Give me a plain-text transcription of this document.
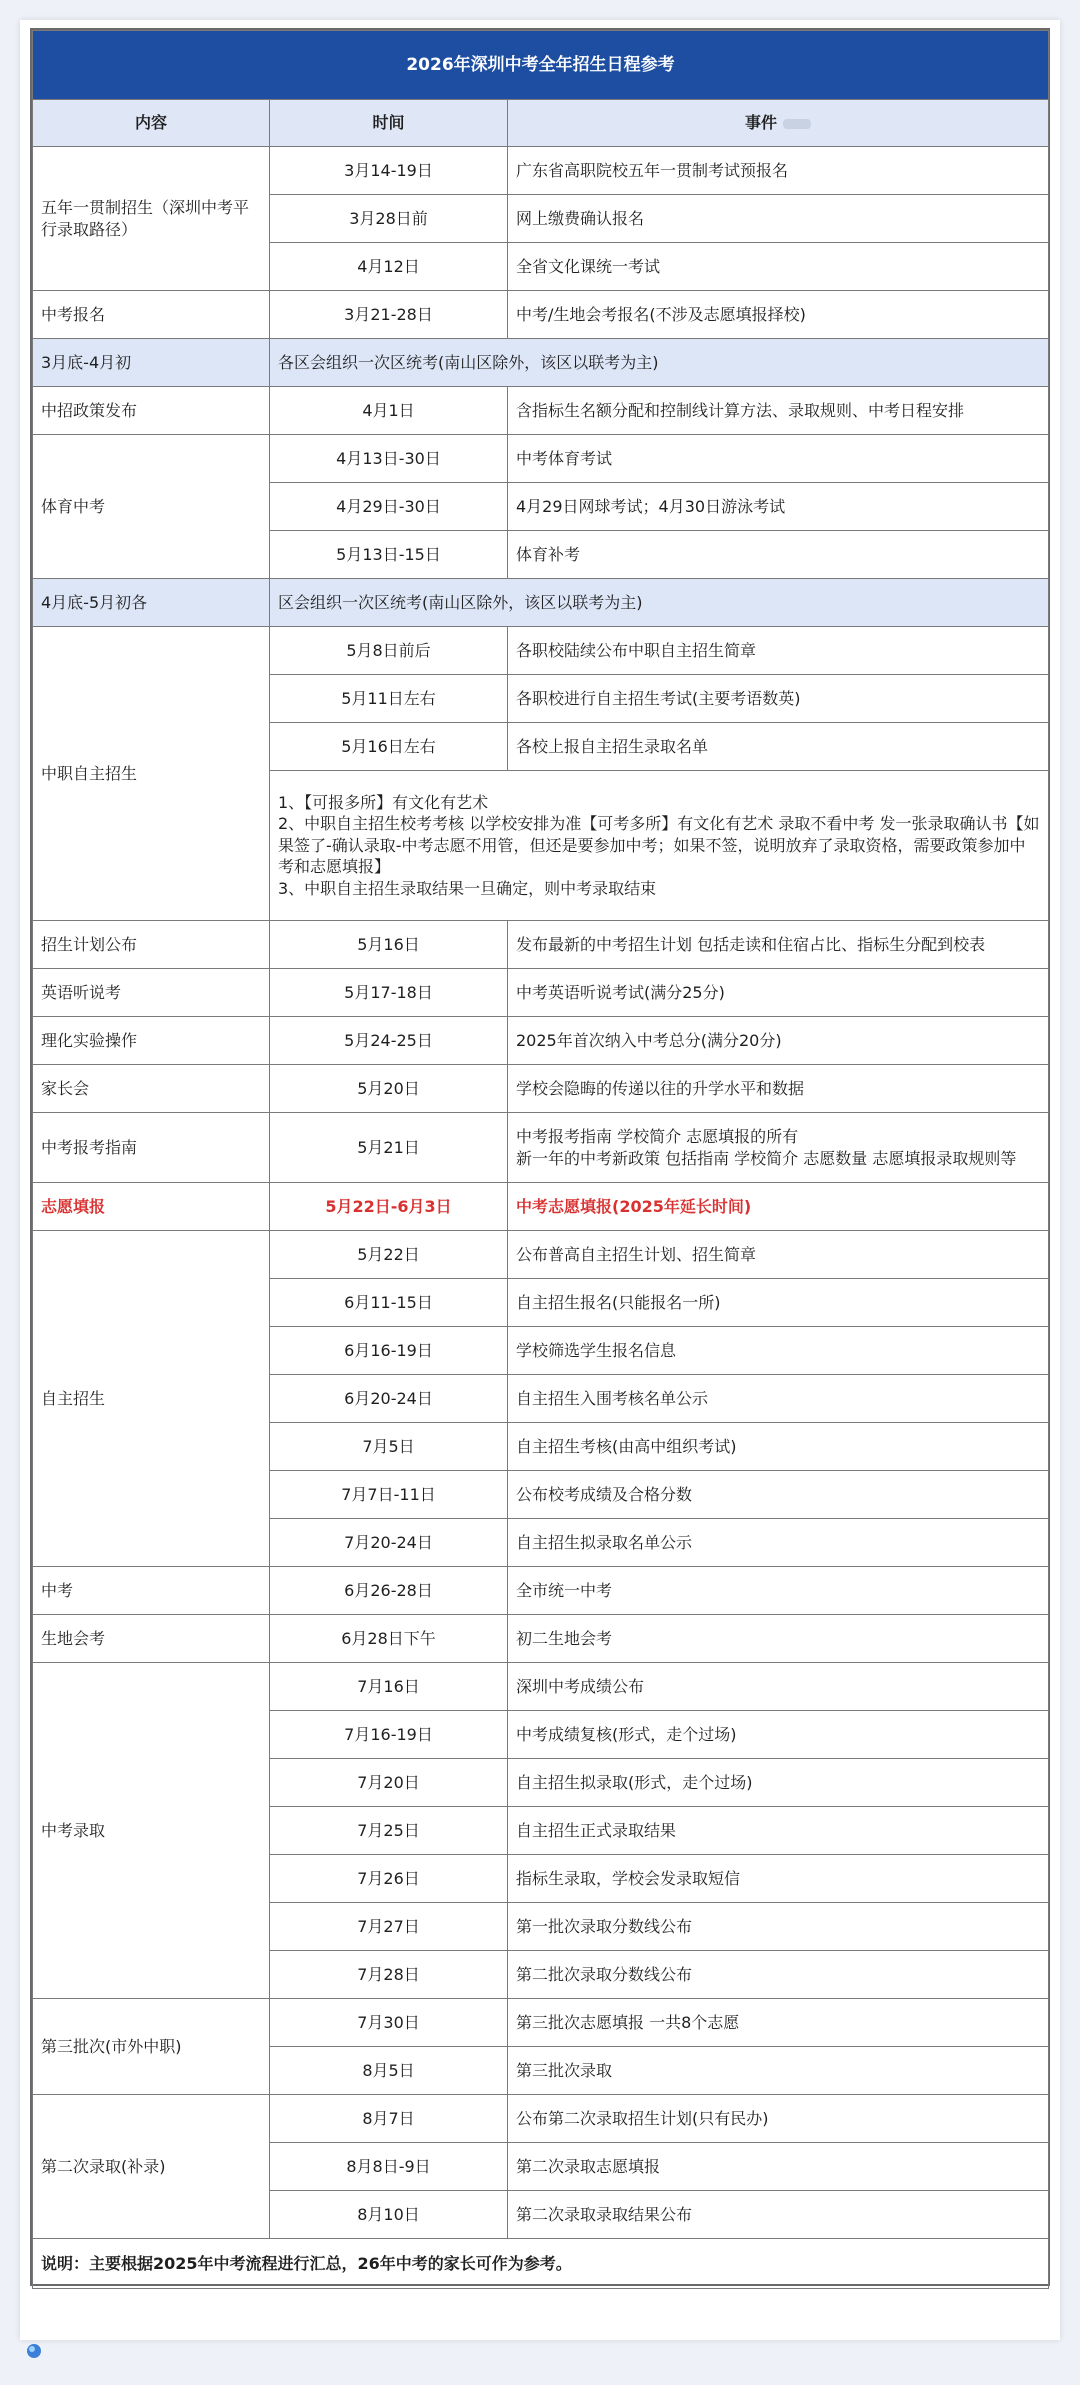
2026年深圳中考全年招生日程参考		
内容	时间	事件
五年一贯制招生（深圳中考平行录取路径）	3月14-19日	广东省高职院校五年一贯制考试预报名
	3月28日前	网上缴费确认报名
	4月12日	全省文化课统一考试
中考报名	3月21-28日	中考/生地会考报名(不涉及志愿填报择校)
3月底-4月初	各区会组织一次区统考(南山区除外，该区以联考为主)	
中招政策发布	4月1日	含指标生名额分配和控制线计算方法、录取规则、中考日程安排
体育中考	4月13日-30日	中考体育考试
	4月29日-30日	4月29日网球考试；4月30日游泳考试
	5月13日-15日	体育补考
4月底-5月初各	区会组织一次区统考(南山区除外，该区以联考为主)	
中职自主招生	5月8日前后	各职校陆续公布中职自主招生简章
	5月11日左右	各职校进行自主招生考试(主要考语数英)
	5月16日左右	各校上报自主招生录取名单

	1、【可报多所】有文化有艺术
2、中职自主招生校考考核 以学校安排为准【可考多所】有文化有艺术 录取不看中考 发一张录取确认书【如果签了-确认录取-中考志愿不用管，但还是要参加中考；如果不签，说明放弃了录取资格，需要政策参加中考和志愿填报】
3、中职自主招生录取结果一旦确定，则中考录取结束	

招生计划公布	5月16日	发布最新的中考招生计划 包括走读和住宿占比、指标生分配到校表
英语听说考	5月17-18日	中考英语听说考试(满分25分)
理化实验操作	5月24-25日	2025年首次纳入中考总分(满分20分)
家长会	5月20日	学校会隐晦的传递以往的升学水平和数据
中考报考指南	5月21日	中考报考指南 学校简介 志愿填报的所有
新一年的中考新政策 包括指南 学校简介 志愿数量 志愿填报录取规则等

志愿填报	5月22日-6月3日	中考志愿填报(2025年延长时间)
自主招生	5月22日	公布普高自主招生计划、招生简章
	6月11-15日	自主招生报名(只能报名一所)
	6月16-19日	学校筛选学生报名信息
	6月20-24日	自主招生入围考核名单公示
	7月5日	自主招生考核(由高中组织考试)
	7月7日-11日	公布校考成绩及合格分数
	7月20-24日	自主招生拟录取名单公示
中考	6月26-28日	全市统一中考
生地会考	6月28日下午	初二生地会考
中考录取	7月16日	深圳中考成绩公布
	7月16-19日	中考成绩复核(形式，走个过场)
	7月20日	自主招生拟录取(形式，走个过场)
	7月25日	自主招生正式录取结果
	7月26日	指标生录取，学校会发录取短信
	7月27日	第一批次录取分数线公布
	7月28日	第二批次录取分数线公布
第三批次(市外中职)	7月30日	第三批次志愿填报 一共8个志愿
	8月5日	第三批次录取
第二次录取(补录)	8月7日	公布第二次录取招生计划(只有民办)
	8月8日-9日	第二次录取志愿填报
	8月10日	第二次录取录取结果公布
说明：主要根据2025年中考流程进行汇总，26年中考的家长可作为参考。		
